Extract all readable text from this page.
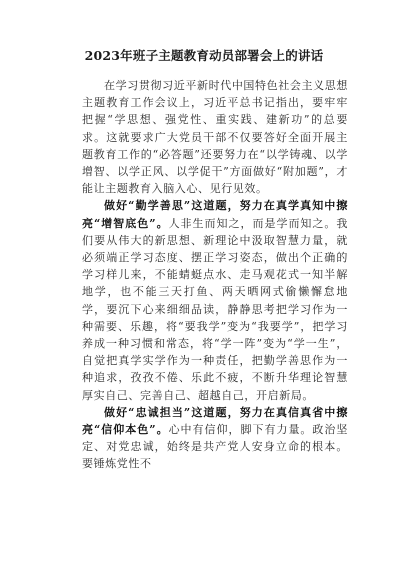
2023年班子主题教育动员部署会上的讲话

在学习贯彻习近平新时代中国特色社会主义思想主题教育工作会议上，习近平总书记指出，要牢牢把握“学思想、强党性、重实践、建新功”的总要求。这就要求广大党员干部不仅要答好全面开展主题教育工作的“必答题”还要努力在“以学铸魂、以学增智、以学正风、以学促干”方面做好“附加题”，才能让主题教育入脑入心、见行见效。

做好“勤学善思”这道题，努力在真学真知中擦亮“增智底色”。人非生而知之，而是学而知之。我们要从伟大的新思想、新理论中汲取智慧力量，就必须端正学习态度、摆正学习姿态，做出个正确的学习样儿来，不能蜻蜓点水、走马观花式一知半解地学，也不能三天打鱼、两天晒网式偷懒懈怠地学，要沉下心来细细品读，静静思考把学习作为一种需要、乐趣，将“要我学”变为“我要学”，把学习养成一种习惯和常态，将“学一阵”变为“学一生”，自觉把真学实学作为一种责任，把勤学善思作为一种追求，孜孜不倦、乐此不疲，不断升华理论智慧厚实自己、完善自己、超越自己，开启新局。

做好“忠诚担当”这道题，努力在真信真省中擦亮“信仰本色”。心中有信仰，脚下有力量。政治坚定、对党忠诚，始终是共产党人安身立命的根本。要锤炼党性不
